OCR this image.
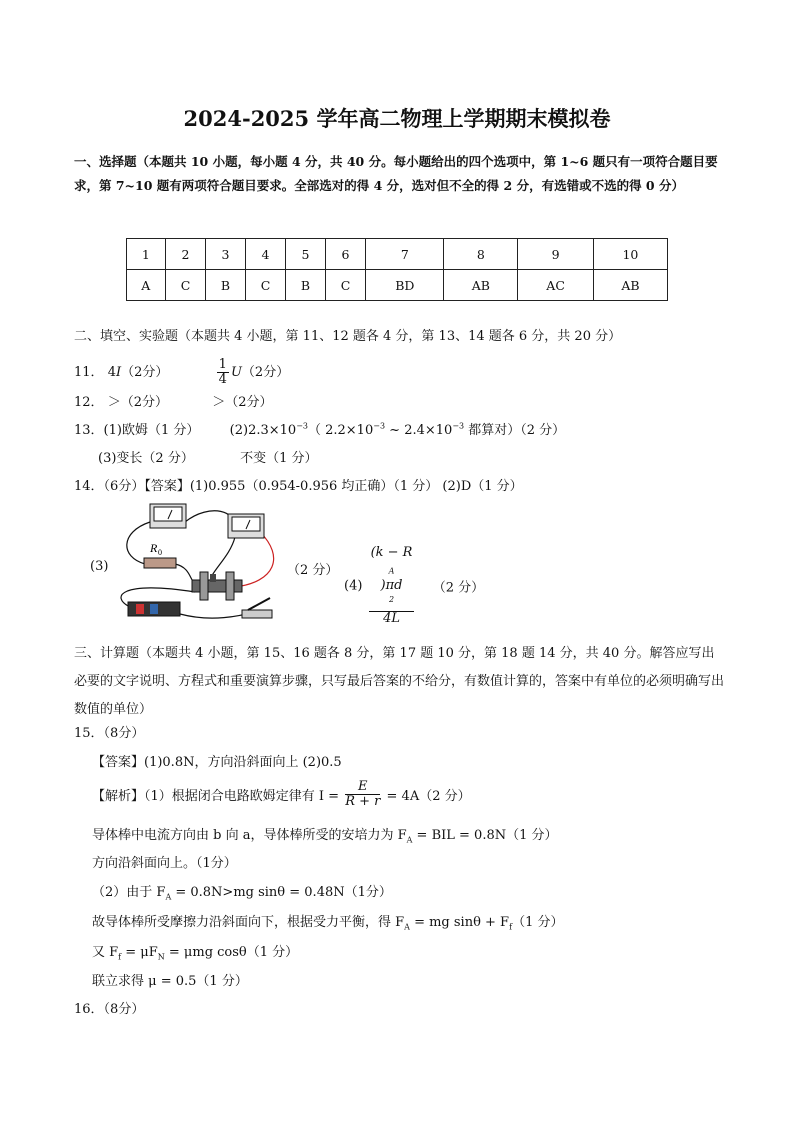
2024-2025 学年高二物理上学期期末模拟卷
一、选择题（本题共 10 小题，每小题 4 分，共 40 分。每小题给出的四个选项中，第 1~6 题只有一项符合题目要求，第 7~10 题有两项符合题目要求。全部选对的得 4 分，选对但不全的得 2 分，有选错或不选的得 0 分）
1	2	3	4	5	6	7	8	9	10
A	C	B	C	B	C	BD	AB	AC	AB
二、填空、实验题（本题共 4 小题，第 11、12 题各 4 分，第 13、14 题各 6 分，共 20 分）
11． 4I（2分）	$\frac{1}{4} U(2$分）
12． ＞（2分）	＞（2分）
13．(1)欧姆（1 分） $(2)2.3\times 10^{-3}$（ $2.2\times 10^{-3}$ ~ $2.4\times 10^{-3}$ 都算对）（2 分）
(3)变长（2 分）	不变（1 分）
14．（6分）【答案】(1)0.955（0.954-0.956 均正确）（1 分） (2)D（1 分）
(3)
R 0
（2 分）
(4) (k − R
$_A$
)πd
$^2$
4L （2 分）
三、计算题（本题共 4 小题，第 15、16 题各 8 分，第 17 题 10 分，第 18 题 14 分，共 40 分。解答应写出必要的文字说明、方程式和重要演算步骤，只写最后答案的不给分，有数值计算的，答案中有单位的必须明确写出数值的单位）
15．（8分）
【答案】(1)0.8N，方向沿斜面向上 (2)0.5
【解析】（1）根据闭合电路欧姆定律有 $I = \frac{E}{R + r} = 4A(2$ 分）
导体棒中电流方向由 b 向 a，导体棒所受的安培力为 $F_A$ = BIL = 0.8N（1 分）
方向沿斜面向上。（1分）
（2）由于 $F_A = 0.8N>mg$ sinθ = 0.48N（1分）
故导体棒所受摩擦力沿斜面向下，根据受力平衡，得 $F_A$ = mg $\sin\theta + F_f(1$ 分）
又 $F_f = \mu F_N = \mu mg$ cosθ（1 分）
联立求得 μ = 0.5（1 分）
16．（8分）
